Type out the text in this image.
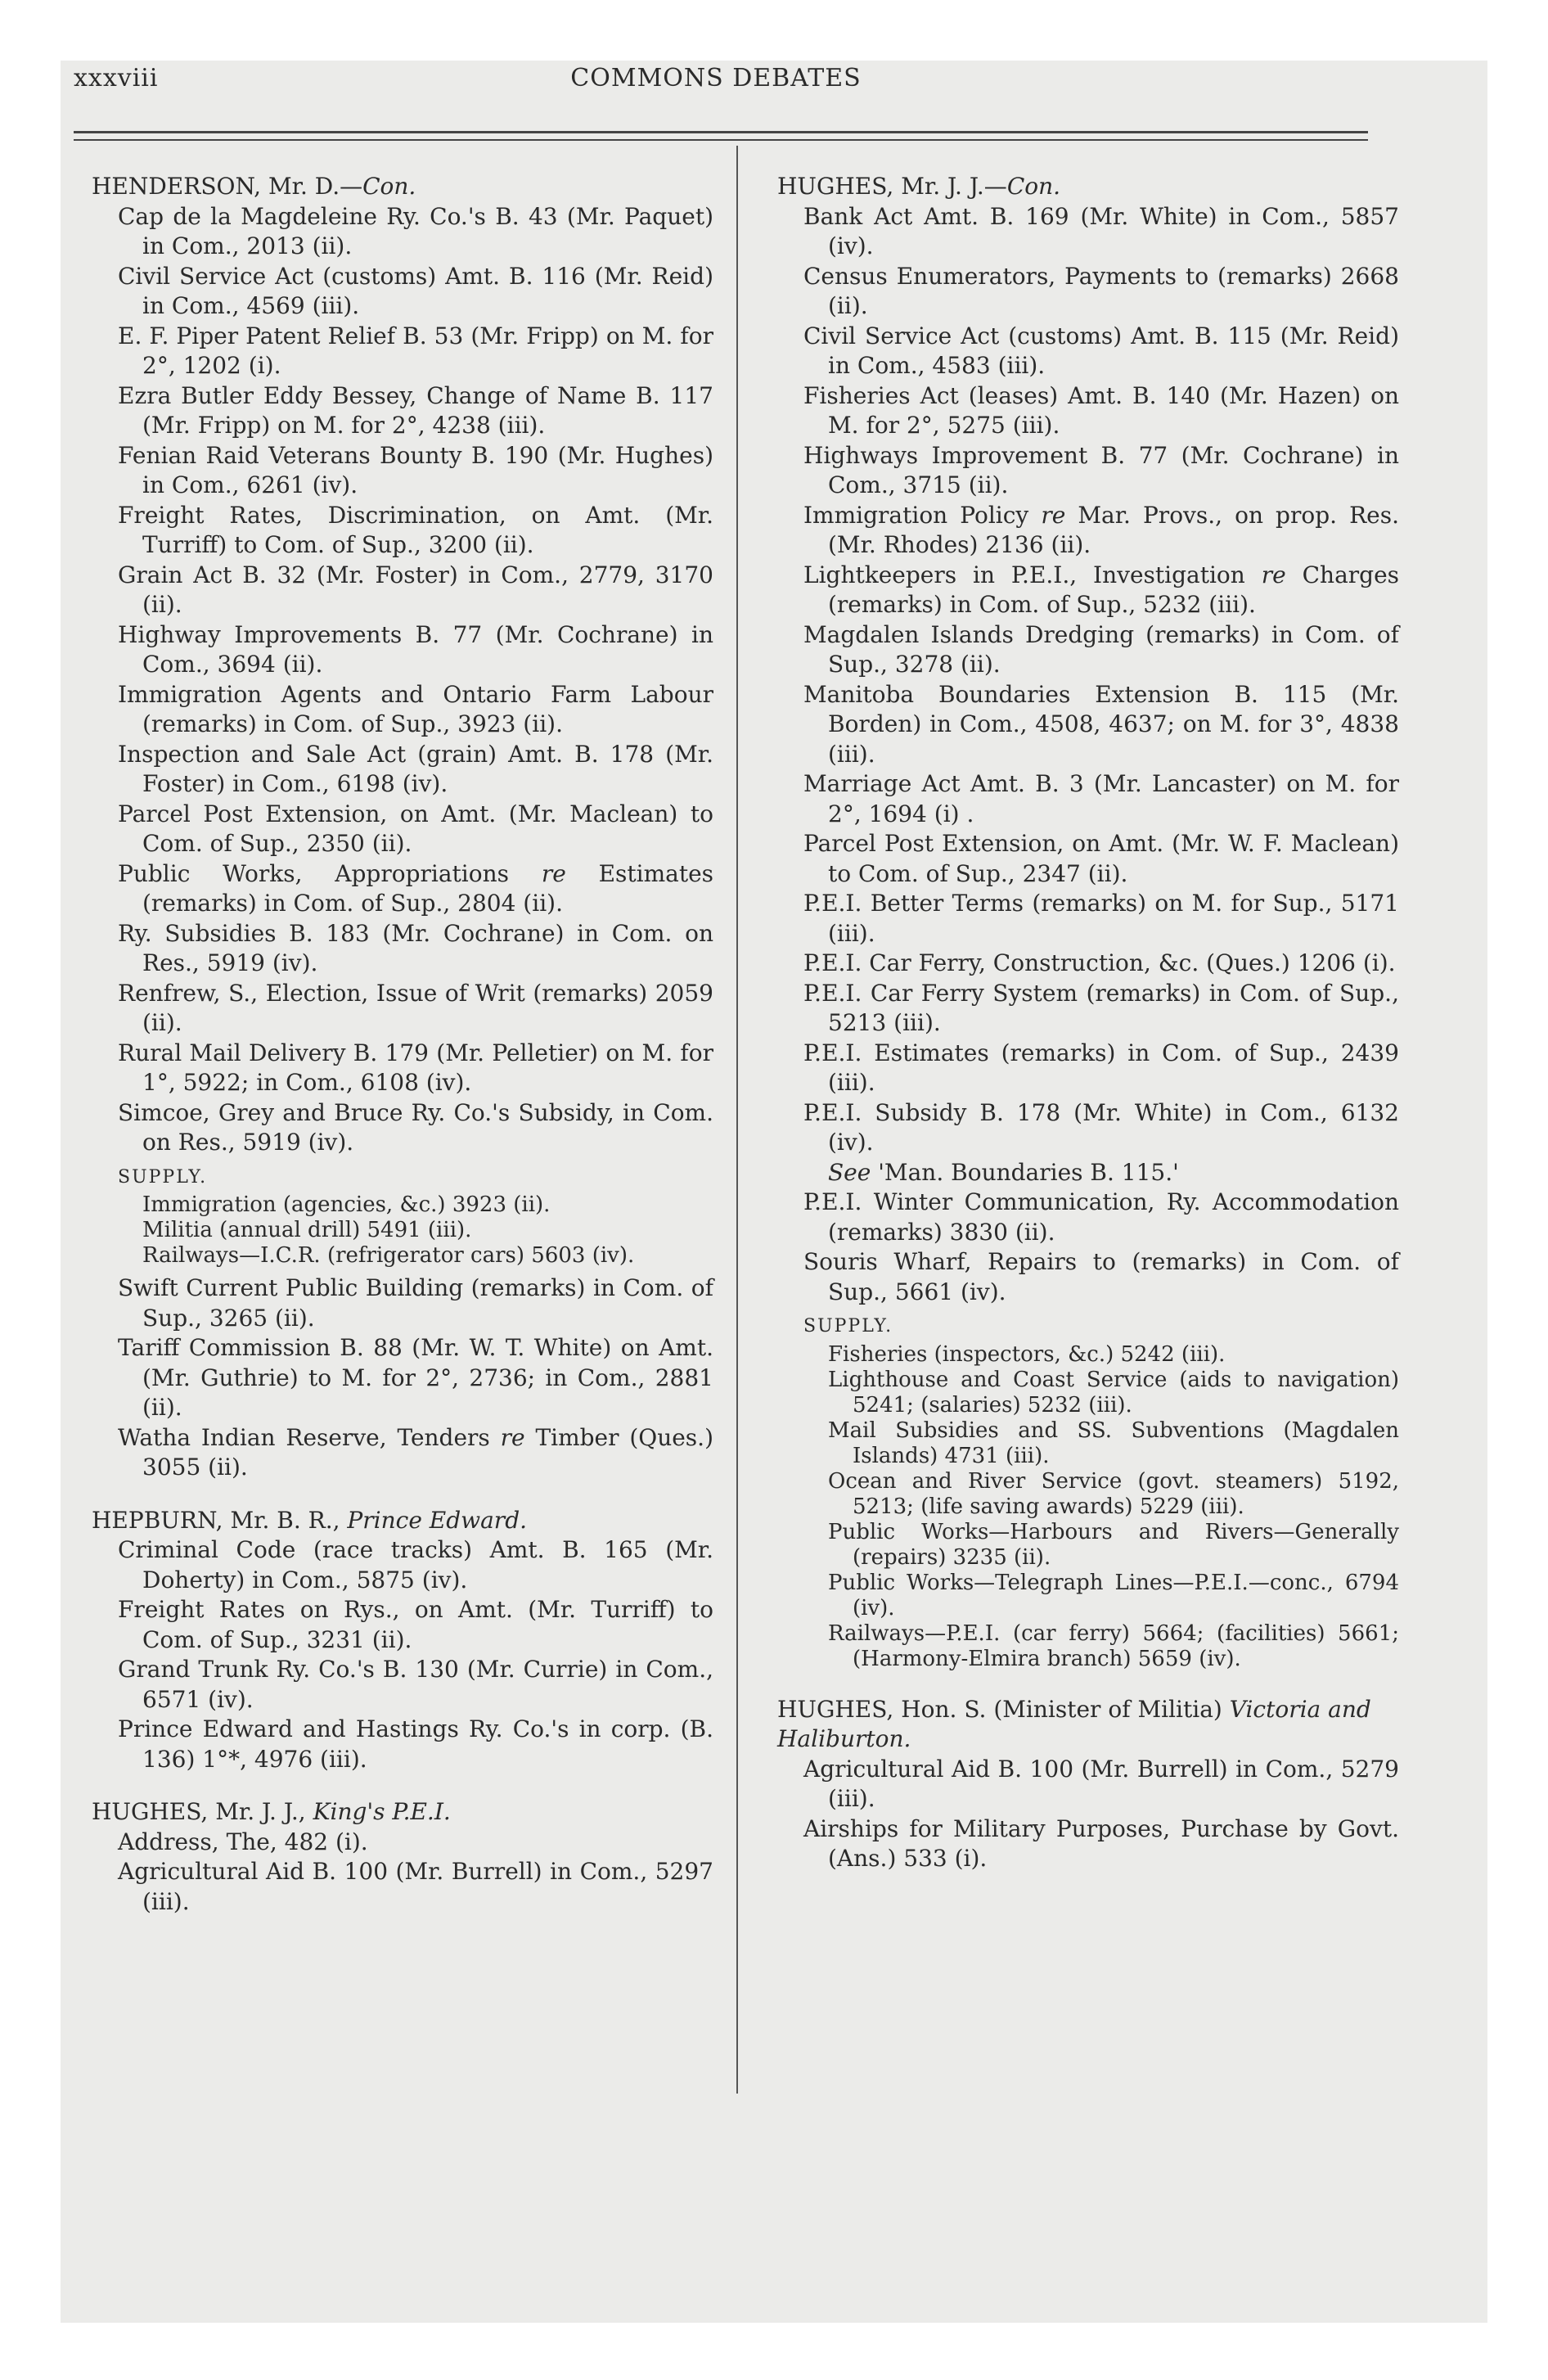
xxxviii	COMMONS DEBATES

HENDERSON, Mr. D.—Con.

Cap de la Magdeleine Ry. Co.'s B. 43 (Mr. Paquet) in Com., 2013 (ii).

Civil Service Act (customs) Amt. B. 116 (Mr. Reid) in Com., 4569 (iii).

E. F. Piper Patent Relief B. 53 (Mr. Fripp) on M. for 2°, 1202 (i).

Ezra Butler Eddy Bessey, Change of Name B. 117 (Mr. Fripp) on M. for 2°, 4238 (iii).

Fenian Raid Veterans Bounty B. 190 (Mr. Hughes) in Com., 6261 (iv).

Freight Rates, Discrimination, on Amt. (Mr. Turriff) to Com. of Sup., 3200 (ii).

Grain Act B. 32 (Mr. Foster) in Com., 2779, 3170 (ii).

Highway Improvements B. 77 (Mr. Cochrane) in Com., 3694 (ii).

Immigration Agents and Ontario Farm Labour (remarks) in Com. of Sup., 3923 (ii).

Inspection and Sale Act (grain) Amt. B. 178 (Mr. Foster) in Com., 6198 (iv).

Parcel Post Extension, on Amt. (Mr. Maclean) to Com. of Sup., 2350 (ii).

Public Works, Appropriations re Estimates (remarks) in Com. of Sup., 2804 (ii).

Ry. Subsidies B. 183 (Mr. Cochrane) in Com. on Res., 5919 (iv).

Renfrew, S., Election, Issue of Writ (remarks) 2059 (ii).

Rural Mail Delivery B. 179 (Mr. Pelletier) on M. for 1°, 5922; in Com., 6108 (iv).

Simcoe, Grey and Bruce Ry. Co.'s Subsidy, in Com. on Res., 5919 (iv).

SUPPLY.

Immigration (agencies, &c.) 3923 (ii).

Militia (annual drill) 5491 (iii).

Railways—I.C.R. (refrigerator cars) 5603 (iv).

Swift Current Public Building (remarks) in Com. of Sup., 3265 (ii).

Tariff Commission B. 88 (Mr. W. T. White) on Amt. (Mr. Guthrie) to M. for 2°, 2736; in Com., 2881 (ii).

Watha Indian Reserve, Tenders re Timber (Ques.) 3055 (ii).

HEPBURN, Mr. B. R., Prince Edward.

Criminal Code (race tracks) Amt. B. 165 (Mr. Doherty) in Com., 5875 (iv).

Freight Rates on Rys., on Amt. (Mr. Turriff) to Com. of Sup., 3231 (ii).

Grand Trunk Ry. Co.'s B. 130 (Mr. Currie) in Com., 6571 (iv).

Prince Edward and Hastings Ry. Co.'s in corp. (B. 136) 1°*, 4976 (iii).

HUGHES, Mr. J. J., King's P.E.I.

Address, The, 482 (i).

Agricultural Aid B. 100 (Mr. Burrell) in Com., 5297 (iii).

HUGHES, Mr. J. J.—Con.

Bank Act Amt. B. 169 (Mr. White) in Com., 5857 (iv).

Census Enumerators, Payments to (remarks) 2668 (ii).

Civil Service Act (customs) Amt. B. 115 (Mr. Reid) in Com., 4583 (iii).

Fisheries Act (leases) Amt. B. 140 (Mr. Hazen) on M. for 2°, 5275 (iii).

Highways Improvement B. 77 (Mr. Cochrane) in Com., 3715 (ii).

Immigration Policy re Mar. Provs., on prop. Res. (Mr. Rhodes) 2136 (ii).

Lightkeepers in P.E.I., Investigation re Charges (remarks) in Com. of Sup., 5232 (iii).

Magdalen Islands Dredging (remarks) in Com. of Sup., 3278 (ii).

Manitoba Boundaries Extension B. 115 (Mr. Borden) in Com., 4508, 4637; on M. for 3°, 4838 (iii).

Marriage Act Amt. B. 3 (Mr. Lancaster) on M. for 2°, 1694 (i) .

Parcel Post Extension, on Amt. (Mr. W. F. Maclean) to Com. of Sup., 2347 (ii).

P.E.I. Better Terms (remarks) on M. for Sup., 5171 (iii).

P.E.I. Car Ferry, Construction, &c. (Ques.) 1206 (i).

P.E.I. Car Ferry System (remarks) in Com. of Sup., 5213 (iii).

P.E.I. Estimates (remarks) in Com. of Sup., 2439 (iii).

P.E.I. Subsidy B. 178 (Mr. White) in Com., 6132 (iv).

See 'Man. Boundaries B. 115.'

P.E.I. Winter Communication, Ry. Accommodation (remarks) 3830 (ii).

Souris Wharf, Repairs to (remarks) in Com. of Sup., 5661 (iv).

SUPPLY.

Fisheries (inspectors, &c.) 5242 (iii).

Lighthouse and Coast Service (aids to navigation) 5241; (salaries) 5232 (iii).

Mail Subsidies and SS. Subventions (Magdalen Islands) 4731 (iii).

Ocean and River Service (govt. steamers) 5192, 5213; (life saving awards) 5229 (iii).

Public Works—Harbours and Rivers—Generally (repairs) 3235 (ii).

Public Works—Telegraph Lines—P.E.I.—conc., 6794 (iv).

Railways—P.E.I. (car ferry) 5664; (facilities) 5661; (Harmony-Elmira branch) 5659 (iv).

HUGHES, Hon. S. (Minister of Militia) Victoria and Haliburton.

Agricultural Aid B. 100 (Mr. Burrell) in Com., 5279 (iii).

Airships for Military Purposes, Purchase by Govt. (Ans.) 533 (i).
